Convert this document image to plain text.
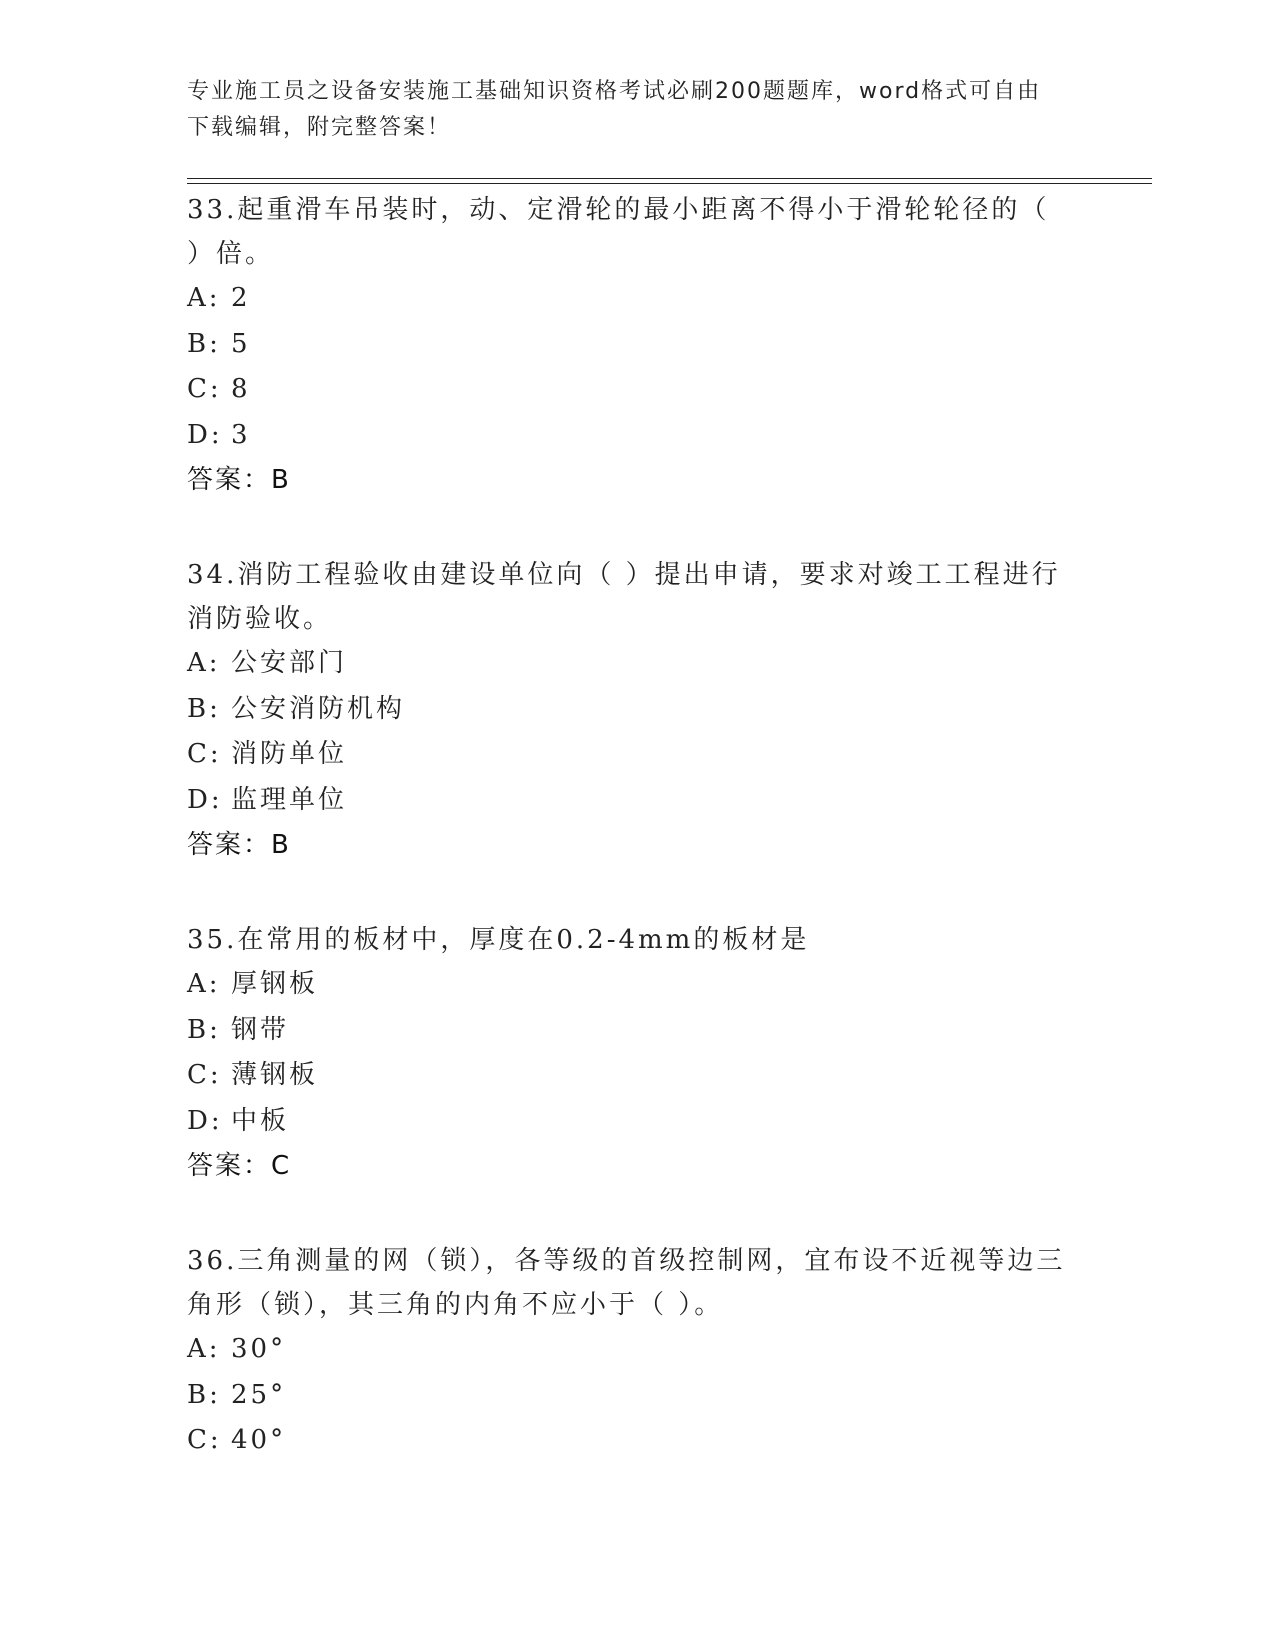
专业施工员之设备安装施工基础知识资格考试必刷200题题库，word格式可自由
下载编辑，附完整答案！
33.起重滑车吊装时，动、定滑轮的最小距离不得小于滑轮轮径的（
）倍。
A: 2
B: 5
C: 8
D: 3
答案：B
34.消防工程验收由建设单位向（ ）提出申请，要求对竣工工程进行
消防验收。
A: 公安部门
B: 公安消防机构
C: 消防单位
D: 监理单位
答案：B
35.在常用的板材中，厚度在0.2-4mm的板材是
A: 厚钢板
B: 钢带
C: 薄钢板
D: 中板
答案：C
36.三角测量的网（锁），各等级的首级控制网，宜布设不近视等边三
角形（锁），其三角的内角不应小于（ ）。
A: 30°
B: 25°
C: 40°
